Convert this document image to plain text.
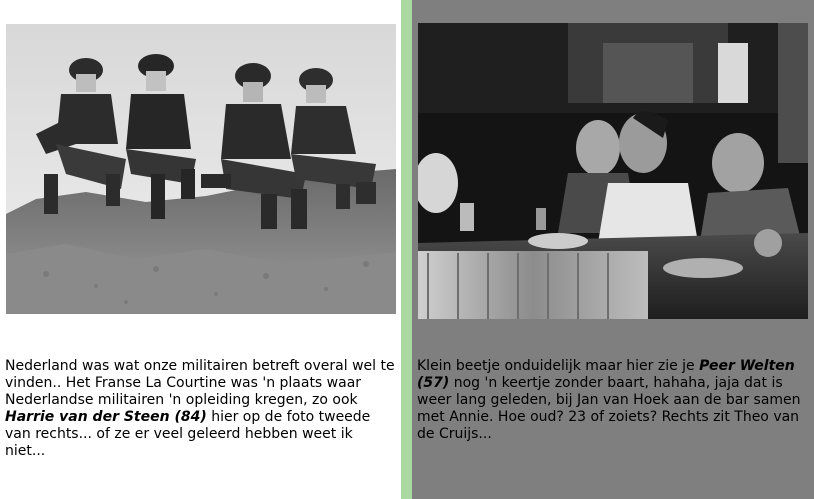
Nederland was wat onze militairen betreft overal wel te vinden.. Het Franse La Courtine was 'n plaats waar Nederlandse militairen 'n opleiding kregen, zo ook Harrie van der Steen (84) hier op de foto tweede van rechts... of ze er veel geleerd hebben weet ik niet...
Klein beetje onduidelijk maar hier zie je Peer Welten (57) nog 'n keertje zonder baart, hahaha, jaja dat is weer lang geleden, bij Jan van Hoek aan de bar samen met Annie. Hoe oud? 23 of zoiets? Rechts zit Theo van de Cruijs...
